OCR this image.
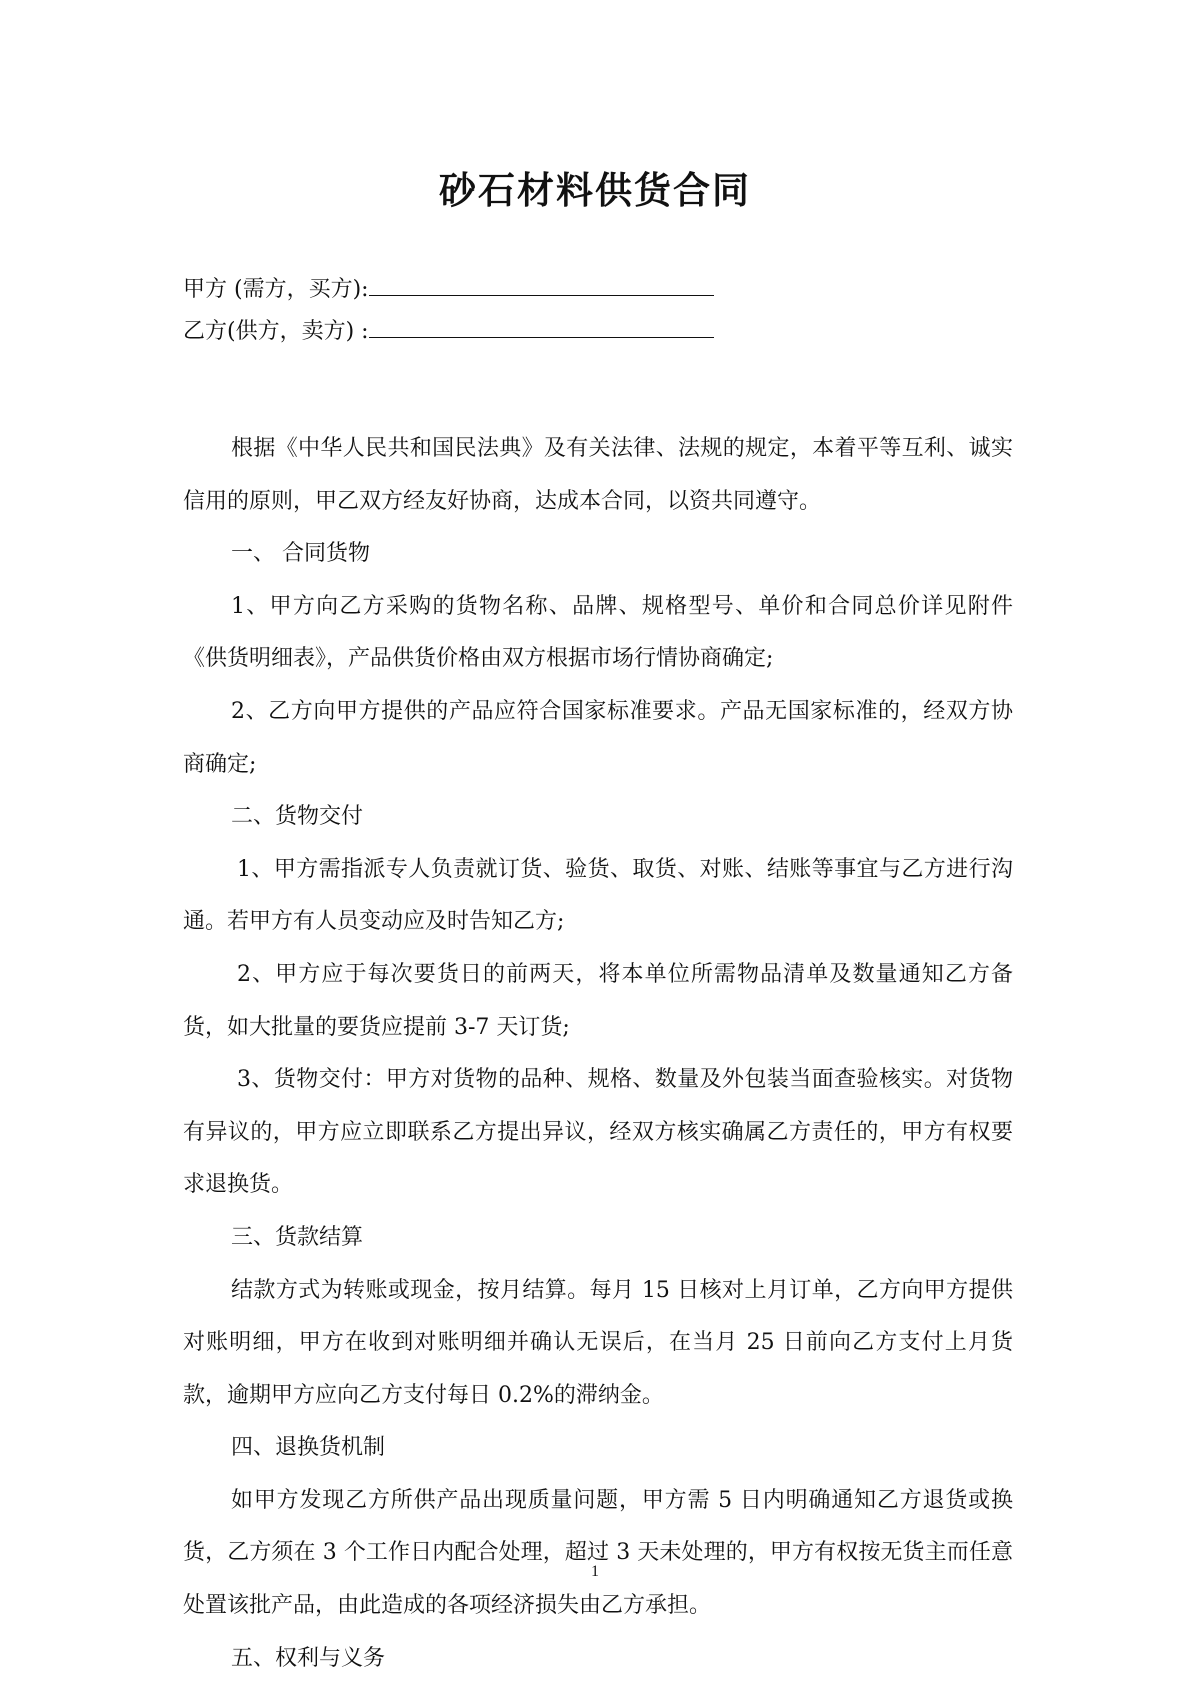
砂石材料供货合同
甲方 (需方，买方):
乙方(供方，卖方) :

根据《中华人民共和国民法典》及有关法律、法规的规定，本着平等互利、诚实信用的原则，甲乙双方经友好协商，达成本合同，以资共同遵守。

一、 合同货物

1、甲方向乙方采购的货物名称、品牌、规格型号、单价和合同总价详见附件《供货明细表》，产品供货价格由双方根据市场行情协商确定;

2、乙方向甲方提供的产品应符合国家标准要求。产品无国家标准的，经双方协商确定;

二、货物交付

1、甲方需指派专人负责就订货、验货、取货、对账、结账等事宜与乙方进行沟通。若甲方有人员变动应及时告知乙方;

2、甲方应于每次要货日的前两天，将本单位所需物品清单及数量通知乙方备货，如大批量的要货应提前 3-7 天订货;

3、货物交付：甲方对货物的品种、规格、数量及外包装当面查验核实。对货物有异议的，甲方应立即联系乙方提出异议，经双方核实确属乙方责任的，甲方有权要求退换货。

三、货款结算

结款方式为转账或现金，按月结算。每月 15 日核对上月订单，乙方向甲方提供对账明细，甲方在收到对账明细并确认无误后，在当月 25 日前向乙方支付上月货款，逾期甲方应向乙方支付每日 0.2%的滞纳金。

四、退换货机制

如甲方发现乙方所供产品出现质量问题，甲方需 5 日内明确通知乙方退货或换货，乙方须在 3 个工作日内配合处理，超过 3 天未处理的，甲方有权按无货主而任意处置该批产品，由此造成的各项经济损失由乙方承担。

五、权利与义务

1
